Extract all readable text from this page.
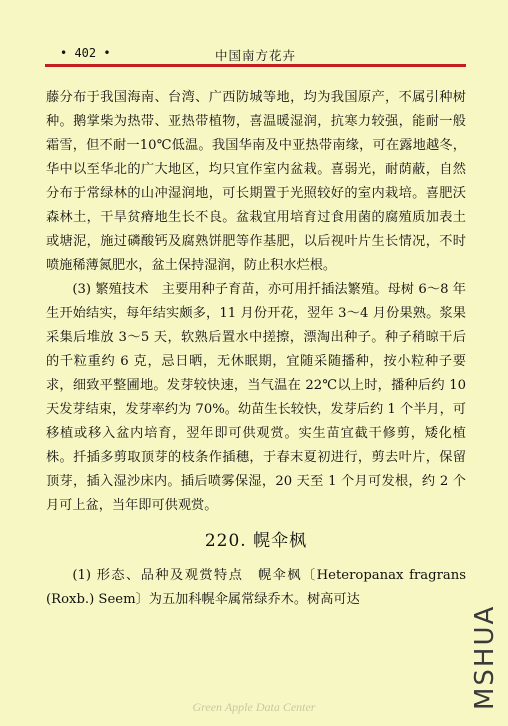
• 402 •	中国南方花卉

藤分布于我国海南、台湾、广西防城等地，均为我国原产，不属引种树种。鹅掌柴为热带、亚热带植物，喜温暖湿润，抗寒力较强，能耐一般霜雪，但不耐一10℃低温。我国华南及中亚热带南缘，可在露地越冬，华中以至华北的广大地区，均只宜作室内盆栽。喜弱光，耐荫蔽，自然分布于常绿林的山冲湿润地，可长期置于光照较好的室内栽培。喜肥沃森林土，干旱贫瘠地生长不良。盆栽宜用培育过食用菌的腐殖质加表土或塘泥，施过磷酸钙及腐熟饼肥等作基肥，以后视叶片生长情况，不时喷施稀薄氮肥水，盆土保持湿润，防止积水烂根。

(3) 繁殖技术　主要用种子育苗，亦可用扦插法繁殖。母树 6～8 年生开始结实，每年结实颇多，11 月份开花，翌年 3～4 月份果熟。浆果采集后堆放 3～5 天，软熟后置水中搓擦，漂淘出种子。种子稍晾干后的千粒重约 6 克，忌日晒，无休眠期，宜随采随播种，按小粒种子要求，细致平整圃地。发芽较快速，当气温在 22℃以上时，播种后约 10 天发芽结束，发芽率约为 70%。幼苗生长较快，发芽后约 1 个半月，可移植或移入盆内培育，翌年即可供观赏。实生苗宜截干修剪，矮化植株。扦插多剪取顶芽的枝条作插穗，于春末夏初进行，剪去叶片，保留顶芽，插入湿沙床内。插后喷雾保湿，20 天至 1 个月可发根，约 2 个月可上盆，当年即可供观赏。

220. 幌伞枫

(1) 形态、品种及观赏特点　幌伞枫〔Heteropanax fragrans (Roxb.) Seem〕为五加科幌伞属常绿乔木。树高可达

Green Apple Data Center	MSHUA
